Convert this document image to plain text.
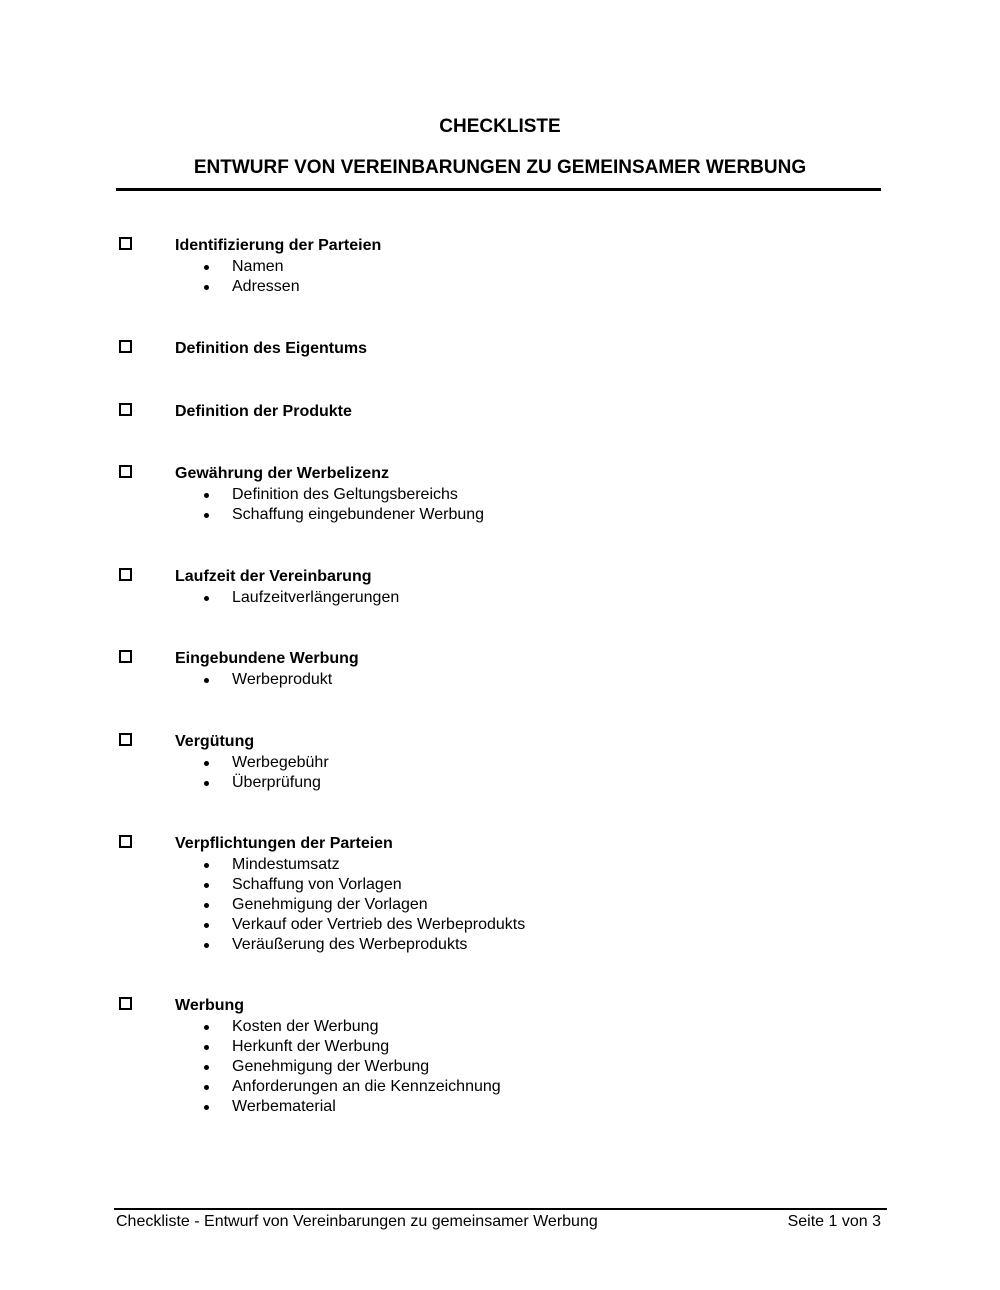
CHECKLISTE
ENTWURF VON VEREINBARUNGEN ZU GEMEINSAMER WERBUNG
Identifizierung der Parteien
Namen
Adressen
Definition des Eigentums
Definition der Produkte
Gewährung der Werbelizenz
Definition des Geltungsbereichs
Schaffung eingebundener Werbung
Laufzeit der Vereinbarung
Laufzeitverlängerungen
Eingebundene Werbung
Werbeprodukt
Vergütung
Werbegebühr
Überprüfung
Verpflichtungen der Parteien
Mindestumsatz
Schaffung von Vorlagen
Genehmigung der Vorlagen
Verkauf oder Vertrieb des Werbeprodukts
Veräußerung des Werbeprodukts
Werbung
Kosten der Werbung
Herkunft der Werbung
Genehmigung der Werbung
Anforderungen an die Kennzeichnung
Werbematerial
Checkliste - Entwurf von Vereinbarungen zu gemeinsamer Werbung	Seite 1 von 3
